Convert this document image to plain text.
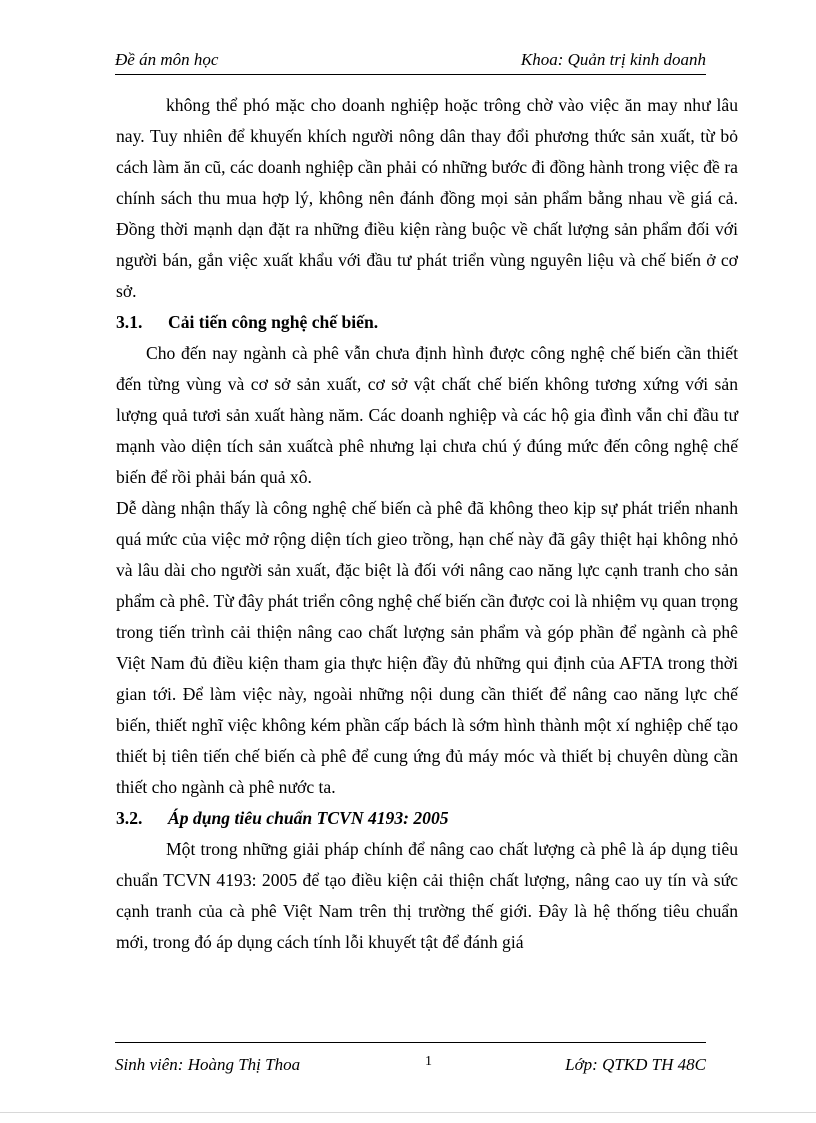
Đề án môn học	Khoa: Quản trị kinh doanh

không thể phó mặc cho doanh nghiệp hoặc trông chờ vào việc ăn may như lâu nay. Tuy nhiên để khuyến khích người nông dân thay đổi phương thức sản xuất, từ bỏ cách làm ăn cũ, các doanh nghiệp cần phải có những bước đi đồng hành trong việc đề ra chính sách thu mua hợp lý, không nên đánh đồng mọi sản phẩm bằng nhau về giá cả. Đồng thời mạnh dạn đặt ra những điều kiện ràng buộc về chất lượng sản phẩm đối với người bán, gắn việc xuất khẩu với đầu tư phát triển vùng nguyên liệu và chế biến ở cơ sở.

3.1. Cải tiến công nghệ chế biến.

Cho đến nay ngành cà phê vẫn chưa định hình được công nghệ chế biến cần thiết đến từng vùng và cơ sở sản xuất, cơ sở vật chất chế biến không tương xứng với sản lượng quả tươi sản xuất hàng năm. Các doanh nghiệp và các hộ gia đình vẫn chỉ đầu tư mạnh vào diện tích sản xuấtcà phê nhưng lại chưa chú ý đúng mức đến công nghệ chế biến để rồi phải bán quả xô.

Dễ dàng nhận thấy là công nghệ chế biến cà phê đã không theo kịp sự phát triển nhanh quá mức của việc mở rộng diện tích gieo trồng, hạn chế này đã gây thiệt hại không nhỏ và lâu dài cho người sản xuất, đặc biệt là đối với nâng cao năng lực cạnh tranh cho sản phẩm cà phê. Từ đây phát triển công nghệ chế biến cần được coi là nhiệm vụ quan trọng trong tiến trình cải thiện nâng cao chất lượng sản phẩm và góp phần để ngành cà phê Việt Nam đủ điều kiện tham gia thực hiện đầy đủ những qui định của AFTA trong thời gian tới. Để làm việc này, ngoài những nội dung cần thiết để nâng cao năng lực chế biến, thiết nghĩ việc không kém phần cấp bách là sớm hình thành một xí nghiệp chế tạo thiết bị tiên tiến chế biến cà phê để cung ứng đủ máy móc và thiết bị chuyên dùng cần thiết cho ngành cà phê nước ta.

3.2. Áp dụng tiêu chuẩn TCVN 4193: 2005

Một trong những giải pháp chính để nâng cao chất lượng cà phê là áp dụng tiêu chuẩn TCVN 4193: 2005 để tạo điều kiện cải thiện chất lượng, nâng cao uy tín và sức cạnh tranh của cà phê Việt Nam trên thị trường thế giới. Đây là hệ thống tiêu chuẩn mới, trong đó áp dụng cách tính lỗi khuyết tật để đánh giá

Sinh viên: Hoàng Thị Thoa	1	Lớp: QTKD TH 48C
